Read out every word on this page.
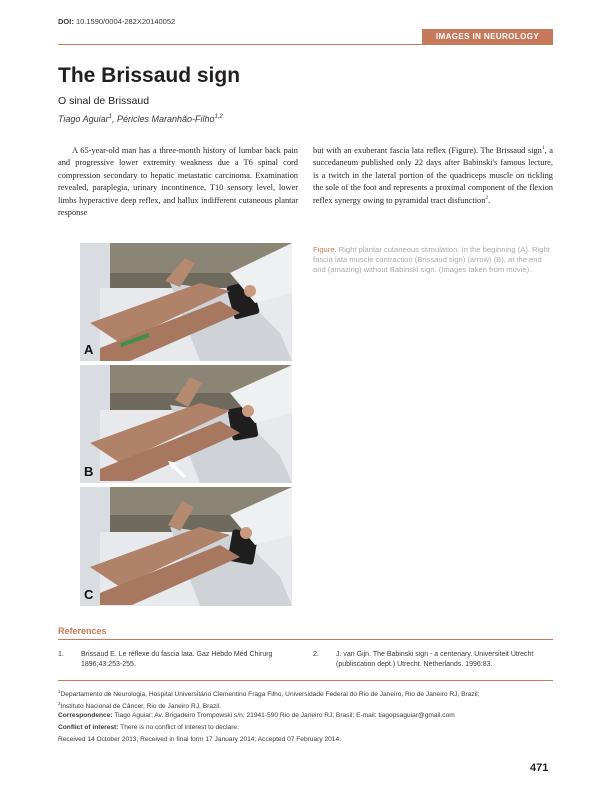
DOI: 10.1590/0004-282X20140052
IMAGES IN NEUROLOGY
The Brissaud sign
O sinal de Brissaud
Tiago Aguiar$^1$, Péricles Maranhão-Filho$^{1,2}$
A 65-year-old man has a three-month history of lumbar back pain and progressive lower extremity weakness due a T6 spinal cord compression secondary to hepatic metastatic carcinoma. Examination revealed, paraplegia, urinary incontinence, T10 sensory level, lower limbs hyperactive deep reflex, and hallux indifferent cutaneous plantar response
but with an exuberant fascia lata reflex (Figure). The Brissaud sign$^1$, a succedaneum published only 22 days after Babinski's famous lecture, is a twitch in the lateral portion of the quadriceps muscle on tickling the sole of the foot and represents a proximal component of the flexion reflex synergy owing to pyramidal tract disfunction$^2$.
A
B
C
Figure. Right plantar cutaneous stimulation. In the beginning (A). Right fascia lata muscle contraction (Brissaud sign) (arrow) (B), at the end and (amazing) without Babinski sign. (Images taken from movie).
References
1. Brissaud E. Le réflexe du fascia lata. Gaz Hebdo Méd Chirurg 1896;43:253-255.
2. J. van Gijn. The Babinski sign - a centenary. Universiteit Utrecht (publiscation dept.) Utrecht. Netherlands. 1996:83.
$^1$Departamento de Neurologia, Hospital Universitário Clementino Fraga Filho, Universidade Federal do Rio de Janeiro, Rio de Janeiro RJ, Brazil;
$^2$Instituto Nacional de Câncer, Rio de Janeiro RJ, Brazil.
Correspondence: Tiago Aguiar; Av. Brigadeiro Trompowski s/n; 21941-590 Rio de Janeiro RJ; Brasil; E-mail: tiagopsaguiar@gmail.com
Conflict of interest: There is no conflict of interest to declare.
Received 14 October 2013; Received in final form 17 January 2014; Accepted 07 February 2014.
471
